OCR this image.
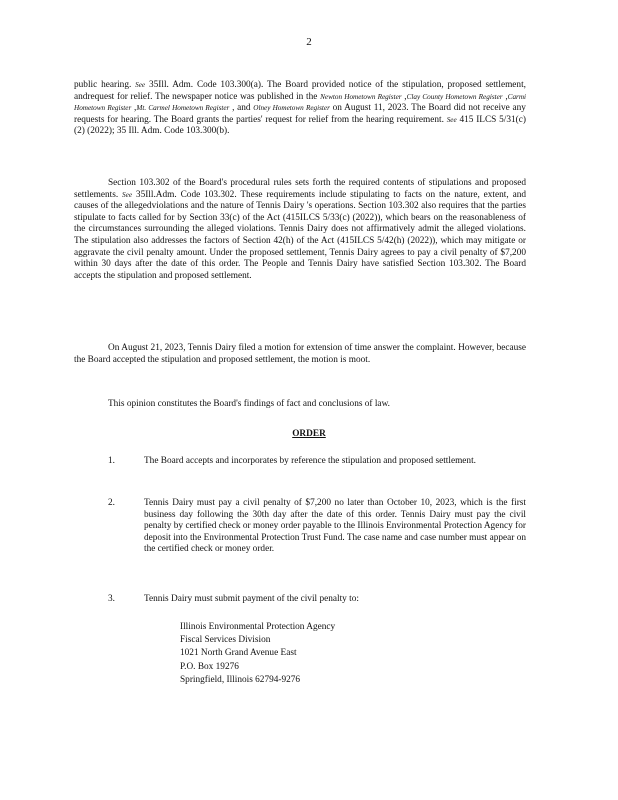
2

public hearing. See 35Ill. Adm. Code 103.300(a). The Board provided notice of the stipulation, proposed settlement, andrequest for relief. The newspaper notice was published in the Newton Hometown Register ,Clay County Hometown Register ,Carmi Hometown Register ,Mt. Carmel Hometown Register , and Olney Hometown Register on August 11, 2023. The Board did not receive any requests for hearing. The Board grants the parties' request for relief from the hearing requirement. See 415 ILCS 5/31(c)(2) (2022); 35 Ill. Adm. Code 103.300(b).

Section 103.302 of the Board's procedural rules sets forth the required contents of stipulations and proposed settlements. See 35Ill.Adm. Code 103.302. These requirements include stipulating to facts on the nature, extent, and causes of the allegedviolations and the nature of Tennis Dairy 's operations. Section 103.302 also requires that the parties stipulate to facts called for by Section 33(c) of the Act (415ILCS 5/33(c) (2022)), which bears on the reasonableness of the circumstances surrounding the alleged violations. Tennis Dairy does not affirmatively admit the alleged violations. The stipulation also addresses the factors of Section 42(h) of the Act (415ILCS 5/42(h) (2022)), which may mitigate or aggravate the civil penalty amount. Under the proposed settlement, Tennis Dairy agrees to pay a civil penalty of $7,200 within 30 days after the date of this order. The People and Tennis Dairy have satisfied Section 103.302. The Board accepts the stipulation and proposed settlement.

On August 21, 2023, Tennis Dairy filed a motion for extension of time answer the complaint. However, because the Board accepted the stipulation and proposed settlement, the motion is moot.

This opinion constitutes the Board's findings of fact and conclusions of law.

ORDER
1.	The Board accepts and incorporates by reference the stipulation and proposed settlement.
2.	Tennis Dairy must pay a civil penalty of $7,200 no later than October 10, 2023, which is the first business day following the 30th day after the date of this order. Tennis Dairy must pay the civil penalty by certified check or money order payable to the Illinois Environmental Protection Agency for deposit into the Environmental Protection Trust Fund. The case name and case number must appear on the certified check or money order.
3.	Tennis Dairy must submit payment of the civil penalty to:
Illinois Environmental Protection Agency
Fiscal Services Division
1021 North Grand Avenue East
P.O. Box 19276
Springfield, Illinois 62794-9276
